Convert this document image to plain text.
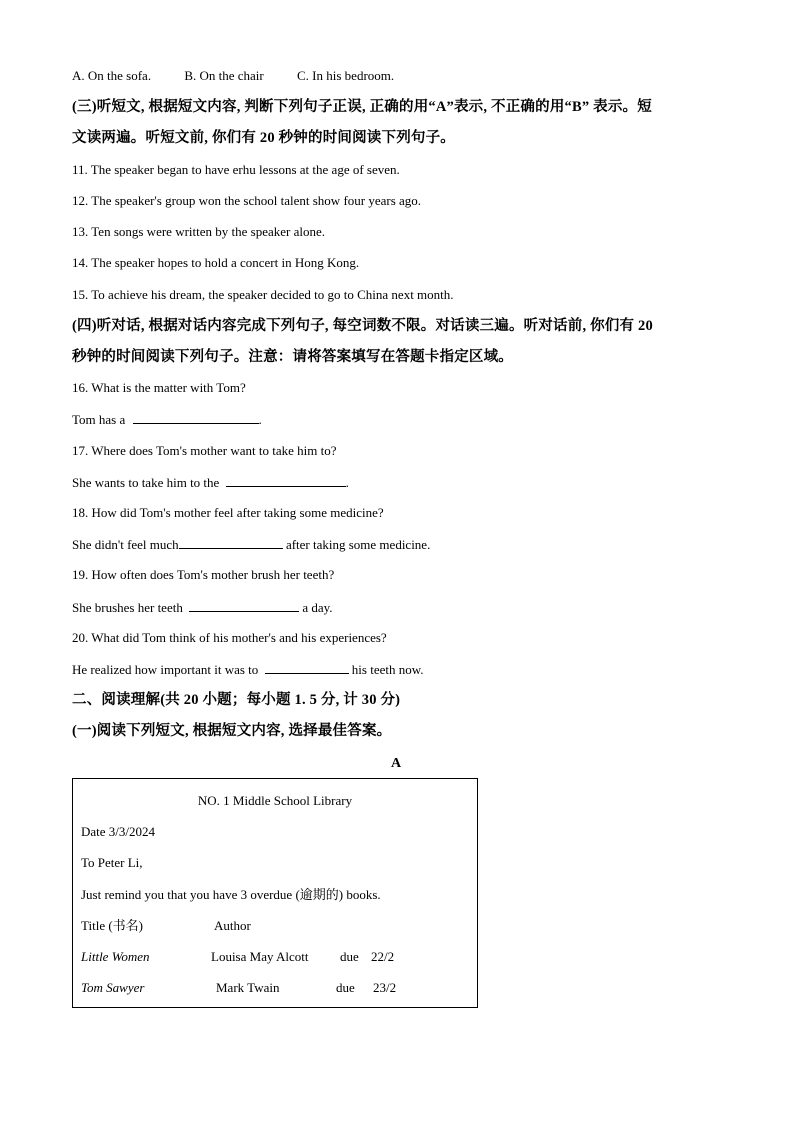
A. On the sofa.	B. On the chair	C. In his bedroom.
(三)听短文, 根据短文内容, 判断下列句子正误, 正确的用“A”表示, 不正确的用“B” 表示。短
文读两遍。听短文前, 你们有 20 秒钟的时间阅读下列句子。
11. The speaker began to have erhu lessons at the age of seven.
12. The speaker's group won the school talent show four years ago.
13. Ten songs were written by the speaker alone.
14. The speaker hopes to hold a concert in Hong Kong.
15. To achieve his dream, the speaker decided to go to China next month.
(四)听对话, 根据对话内容完成下列句子, 每空词数不限。对话读三遍。听对话前, 你们有 20
秒钟的时间阅读下列句子。注意：请将答案填写在答题卡指定区域。
16. What is the matter with Tom?
Tom has a	.
17. Where does Tom's mother want to take him to?
She wants to take him to the	.
18. How did Tom's mother feel after taking some medicine?
She didn't feel much	after taking some medicine.
19. How often does Tom's mother brush her teeth?
She brushes her teeth	a day.
20. What did Tom think of his mother's and his experiences?
He realized how important it was to	his teeth now.
二、阅读理解(共 20 小题；每小题 1. 5 分, 计 30 分)
(一)阅读下列短文, 根据短文内容, 选择最佳答案。
A
NO. 1 Middle School Library
Date 3/3/2024
To Peter Li,
Just remind you that you have 3 overdue (逾期的) books.
Title (书名)	Author
Little Women	Louisa May Alcott due 22/2
Tom Sawyer	Mark Twain	due 23/2
